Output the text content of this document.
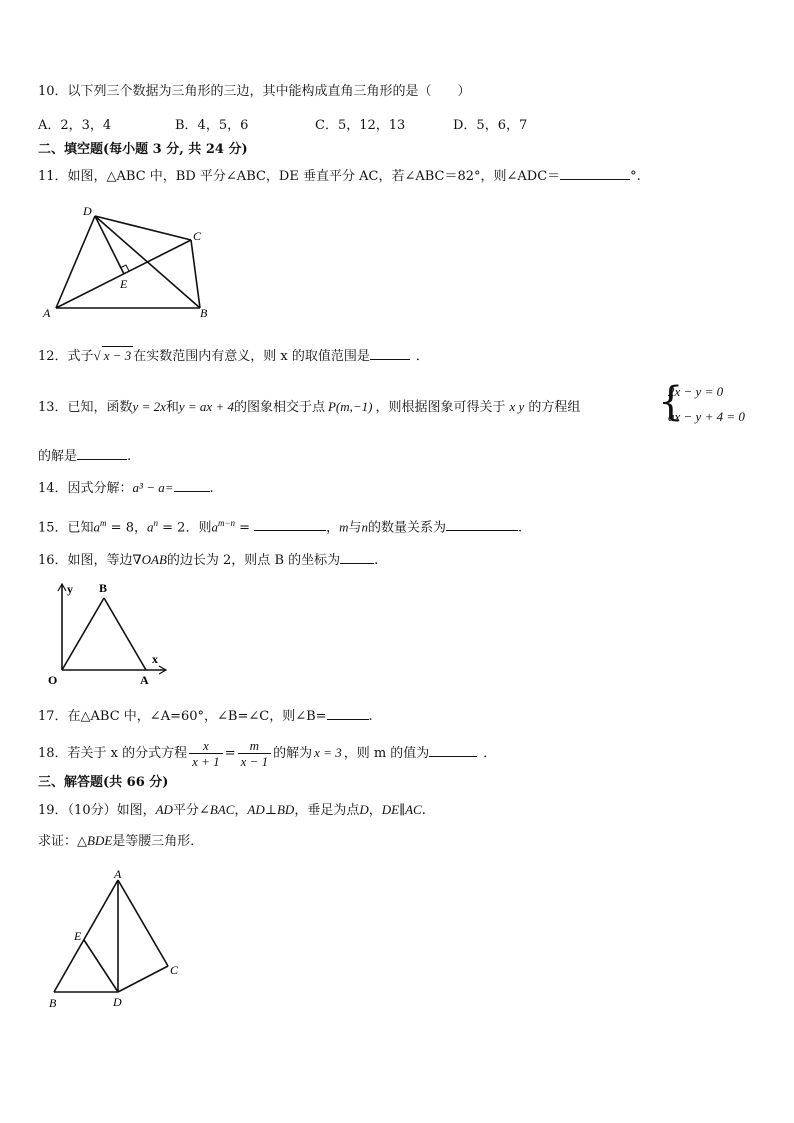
10．以下列三个数据为三角形的三边，其中能构成直角三角形的是（　　）
A．2，3，4	B．4，5，6	C．5，12，13	D．5，6，7
二、填空题(每小题 3 分, 共 24 分)
11．如图，△ABC 中，BD 平分∠ABC，DE 垂直平分 AC，若∠ABC＝82°，则∠ADC＝	°.
D
C
E
A	B
12．式子√ x − 3 在实数范围内有意义，则 x 的取值范围是	．
13．已知，函数y = 2x和y = ax + 4的图象相交于点 P(m,−1) ，则根据图象可得关于 x y 的方程组 {
2x − y = 0
ax − y + 4 = 0
的解是	.
14．因式分解：a³ − a=	.
15．已知$a^m = 8$，$a^n = 2$．则$a^{m-n}$ =	，m与n的数量关系为	.
16．如图，等边∇OAB的边长为 2，则点 B 的坐标为	.
y
x
B
O	A
17．在△ABC 中，∠A=60°，∠B=∠C，则∠B=	.
18．若关于 x 的分式方程 $\frac{x}{x + 1} = \frac{m}{x - 1}$ 的解为 x = 3 ，则 m 的值为	．
三、解答题(共 66 分)
19．（10分）如图，AD平分∠BAC，AD⊥BD，垂足为点D，DE∥AC.
求证：△BDE是等腰三角形．
A
E
C
B	D
